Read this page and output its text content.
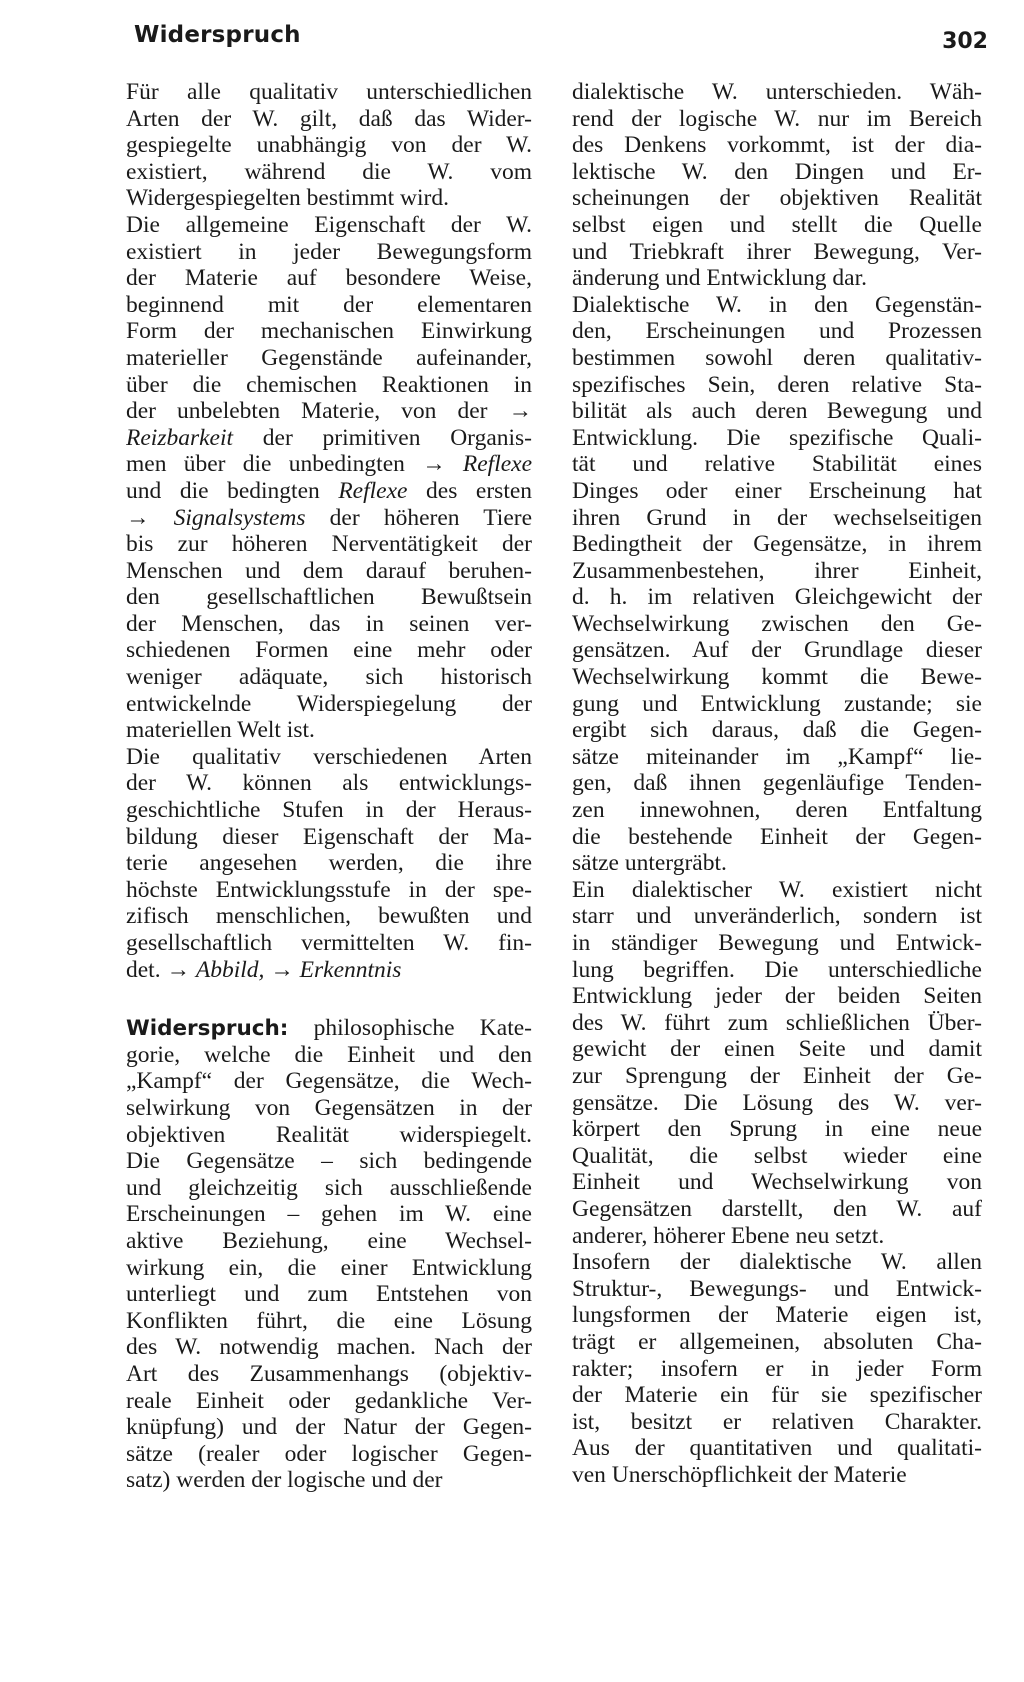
Widerspruch	302
Für alle qualitativ unterschiedlichen
Arten der W. gilt, daß das Wider-
gespiegelte unabhängig von der W.
existiert, während die W. vom
Widergespiegelten bestimmt wird.
Die allgemeine Eigenschaft der W.
existiert in jeder Bewegungsform
der Materie auf besondere Weise,
beginnend mit der elementaren
Form der mechanischen Einwirkung
materieller Gegenstände aufeinander,
über die chemischen Reaktionen in
der unbelebten Materie, von der →
Reizbarkeit der primitiven Organis-
men über die unbedingten → Reflexe
und die bedingten Reflexe des ersten
→ Signalsystems der höheren Tiere
bis zur höheren Nerventätigkeit der
Menschen und dem darauf beruhen-
den gesellschaftlichen Bewußtsein
der Menschen, das in seinen ver-
schiedenen Formen eine mehr oder
weniger adäquate, sich historisch
entwickelnde Widerspiegelung der
materiellen Welt ist.
Die qualitativ verschiedenen Arten
der W. können als entwicklungs-
geschichtliche Stufen in der Heraus-
bildung dieser Eigenschaft der Ma-
terie angesehen werden, die ihre
höchste Entwicklungsstufe in der spe-
zifisch menschlichen, bewußten und
gesellschaftlich vermittelten W. fin-
det. → Abbild, → Erkenntnis
Widerspruch: philosophische Kate-
gorie, welche die Einheit und den
„Kampf“ der Gegensätze, die Wech-
selwirkung von Gegensätzen in der
objektiven Realität widerspiegelt.
Die Gegensätze – sich bedingende
und gleichzeitig sich ausschließende
Erscheinungen – gehen im W. eine
aktive Beziehung, eine Wechsel-
wirkung ein, die einer Entwicklung
unterliegt und zum Entstehen von
Konflikten führt, die eine Lösung
des W. notwendig machen. Nach der
Art des Zusammenhangs (objektiv-
reale Einheit oder gedankliche Ver-
knüpfung) und der Natur der Gegen-
sätze (realer oder logischer Gegen-
satz) werden der logische und der
dialektische W. unterschieden. Wäh-
rend der logische W. nur im Bereich
des Denkens vorkommt, ist der dia-
lektische W. den Dingen und Er-
scheinungen der objektiven Realität
selbst eigen und stellt die Quelle
und Triebkraft ihrer Bewegung, Ver-
änderung und Entwicklung dar.
Dialektische W. in den Gegenstän-
den, Erscheinungen und Prozessen
bestimmen sowohl deren qualitativ-
spezifisches Sein, deren relative Sta-
bilität als auch deren Bewegung und
Entwicklung. Die spezifische Quali-
tät und relative Stabilität eines
Dinges oder einer Erscheinung hat
ihren Grund in der wechselseitigen
Bedingtheit der Gegensätze, in ihrem
Zusammenbestehen, ihrer Einheit,
d. h. im relativen Gleichgewicht der
Wechselwirkung zwischen den Ge-
gensätzen. Auf der Grundlage dieser
Wechselwirkung kommt die Bewe-
gung und Entwicklung zustande; sie
ergibt sich daraus, daß die Gegen-
sätze miteinander im „Kampf“ lie-
gen, daß ihnen gegenläufige Tenden-
zen innewohnen, deren Entfaltung
die bestehende Einheit der Gegen-
sätze untergräbt.
Ein dialektischer W. existiert nicht
starr und unveränderlich, sondern ist
in ständiger Bewegung und Entwick-
lung begriffen. Die unterschiedliche
Entwicklung jeder der beiden Seiten
des W. führt zum schließlichen Über-
gewicht der einen Seite und damit
zur Sprengung der Einheit der Ge-
gensätze. Die Lösung des W. ver-
körpert den Sprung in eine neue
Qualität, die selbst wieder eine
Einheit und Wechselwirkung von
Gegensätzen darstellt, den W. auf
anderer, höherer Ebene neu setzt.
Insofern der dialektische W. allen
Struktur-, Bewegungs- und Entwick-
lungsformen der Materie eigen ist,
trägt er allgemeinen, absoluten Cha-
rakter; insofern er in jeder Form
der Materie ein für sie spezifischer
ist, besitzt er relativen Charakter.
Aus der quantitativen und qualitati-
ven Unerschöpflichkeit der Materie
